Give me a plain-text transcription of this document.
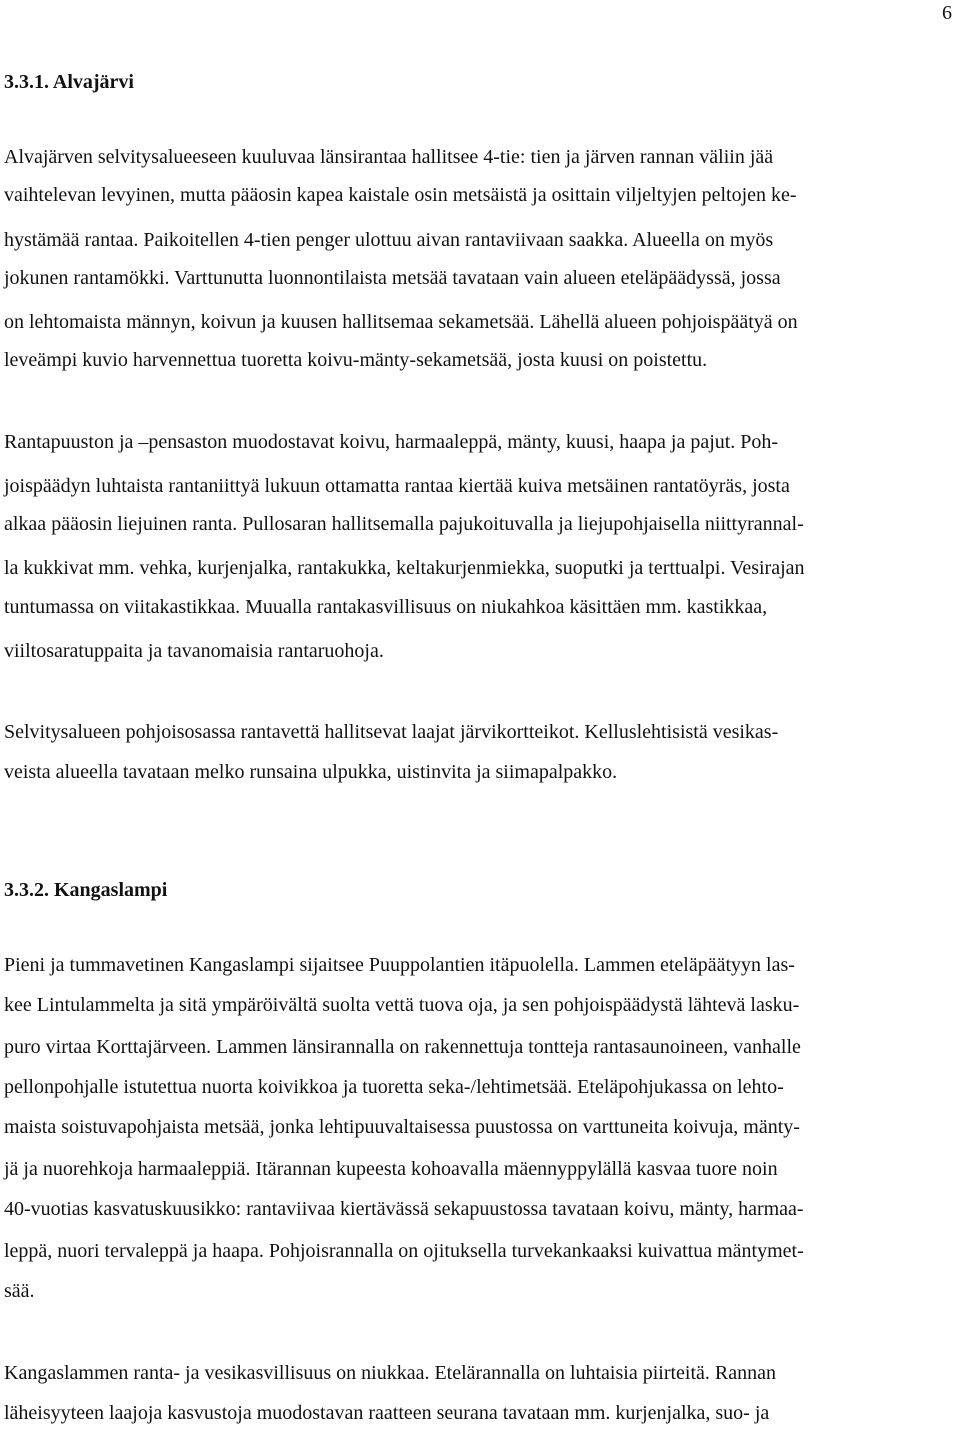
6
3.3.1. Alvajärvi
Alvajärven selvitysalueeseen kuuluvaa länsirantaa hallitsee 4-tie: tien ja järven rannan väliin jää
vaihtelevan levyinen, mutta pääosin kapea kaistale osin metsäistä ja osittain viljeltyjen peltojen ke-
hystämää rantaa. Paikoitellen 4-tien penger ulottuu aivan rantaviivaan saakka. Alueella on myös
jokunen rantamökki. Varttunutta luonnontilaista metsää tavataan vain alueen eteläpäädyssä, jossa
on lehtomaista männyn, koivun ja kuusen hallitsemaa sekametsää. Lähellä alueen pohjoispäätyä on
leveämpi kuvio harvennettua tuoretta koivu-mänty-sekametsää, josta kuusi on poistettu.
Rantapuuston ja –pensaston muodostavat koivu, harmaaleppä, mänty, kuusi, haapa ja pajut. Poh-
joispäädyn luhtaista rantaniittyä lukuun ottamatta rantaa kiertää kuiva metsäinen rantatöyräs, josta
alkaa pääosin liejuinen ranta. Pullosaran hallitsemalla pajukoituvalla ja liejupohjaisella niittyrannal-
la kukkivat mm. vehka, kurjenjalka, rantakukka, keltakurjenmiekka, suoputki ja terttualpi. Vesirajan
tuntumassa on viitakastikkaa. Muualla rantakasvillisuus on niukahkoa käsittäen mm. kastikkaa,
viiltosaratuppaita ja tavanomaisia rantaruohoja.
Selvitysalueen pohjoisosassa rantavettä hallitsevat laajat järvikortteikot. Kelluslehtisistä vesikas-
veista alueella tavataan melko runsaina ulpukka, uistinvita ja siimapalpakko.
3.3.2. Kangaslampi
Pieni ja tummavetinen Kangaslampi sijaitsee Puuppolantien itäpuolella. Lammen eteläpäätyyn las-
kee Lintulammelta ja sitä ympäröivältä suolta vettä tuova oja, ja sen pohjoispäädystä lähtevä lasku-
puro virtaa Korttajärveen. Lammen länsirannalla on rakennettuja tontteja rantasaunoineen, vanhalle
pellonpohjalle istutettua nuorta koivikkoa ja tuoretta seka-/lehtimetsää. Eteläpohjukassa on lehto-
maista soistuvapohjaista metsää, jonka lehtipuuvaltaisessa puustossa on varttuneita koivuja, mänty-
jä ja nuorehkoja harmaaleppiä. Itärannan kupeesta kohoavalla mäennyppylällä kasvaa tuore noin
40-vuotias kasvatuskuusikko: rantaviivaa kiertävässä sekapuustossa tavataan koivu, mänty, harmaa-
leppä, nuori tervaleppä ja haapa. Pohjoisrannalla on ojituksella turvekankaaksi kuivattua mäntymet-
sää.
Kangaslammen ranta- ja vesikasvillisuus on niukkaa. Etelärannalla on luhtaisia piirteitä. Rannan
läheisyyteen laajoja kasvustoja muodostavan raatteen seurana tavataan mm. kurjenjalka, suo- ja
